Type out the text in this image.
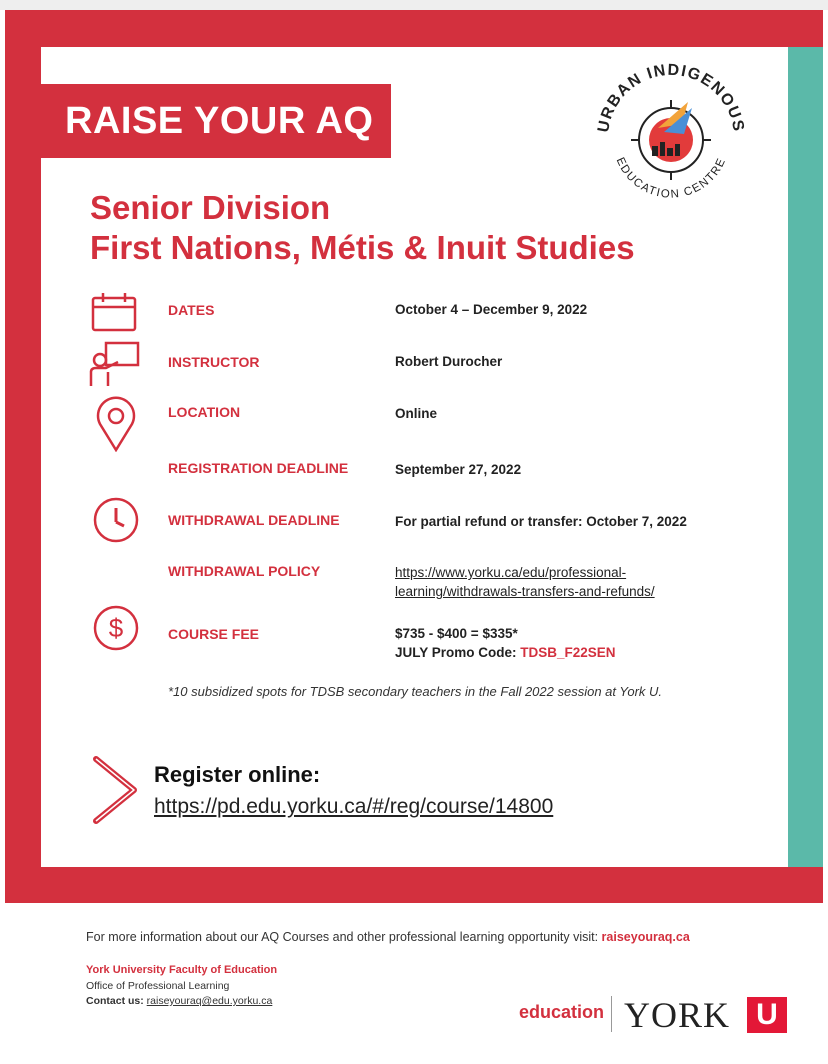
RAISE YOUR AQ	URBAN INDIGENOUS
EDUCATION CENTRE
Senior Division
First Nations, Métis & Inuit Studies
DATES	October 4 – December 9, 2022
INSTRUCTOR	Robert Durocher
LOCATION	Online
REGISTRATION DEADLINE	September 27, 2022
WITHDRAWAL DEADLINE	For partial refund or transfer: October 7, 2022
WITHDRAWAL POLICY	https://www.yorku.ca/edu/professional-
learning/withdrawals-transfers-and-refunds/
$	COURSE FEE	$735 - $400 = $335*
JULY Promo Code: TDSB_F22SEN
*10 subsidized spots for TDSB secondary teachers in the Fall 2022 session at York U.
Register online:
https://pd.edu.yorku.ca/#/reg/course/14800
For more information about our AQ Courses and other professional learning opportunity visit: raiseyouraq.ca
York University Faculty of Education
Office of Professional Learning
Contact us: raiseyouraq@edu.yorku.ca
education YORK U
